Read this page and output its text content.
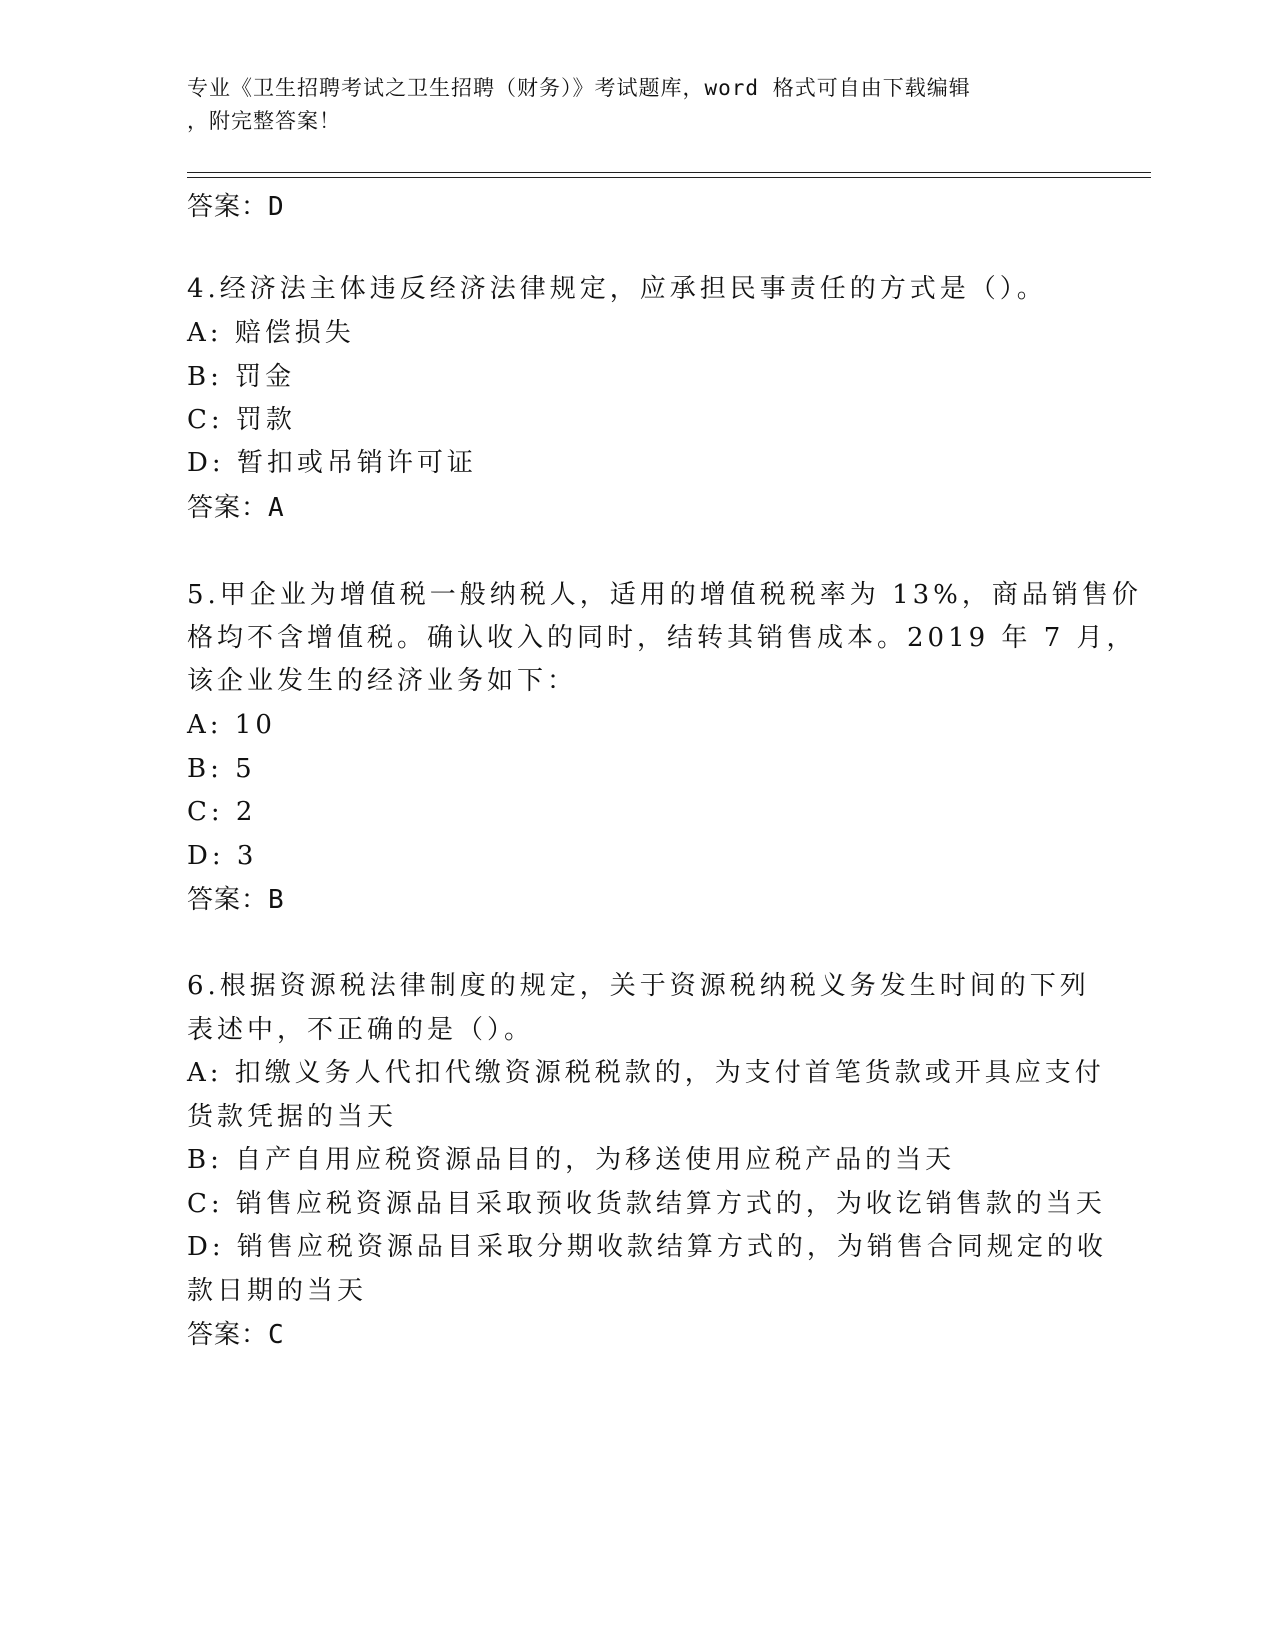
专业《卫生招聘考试之卫生招聘（财务）》考试题库，word 格式可自由下载编辑
，附完整答案！
答案：D
4.经济法主体违反经济法律规定，应承担民事责任的方式是（）。
A: 赔偿损失
B: 罚金
C: 罚款
D: 暂扣或吊销许可证
答案：A
5.甲企业为增值税一般纳税人，适用的增值税税率为 13%，商品销售价
格均不含增值税。确认收入的同时，结转其销售成本。2019 年 7 月，
该企业发生的经济业务如下：
A: 10
B: 5
C: 2
D: 3
答案：B
6.根据资源税法律制度的规定，关于资源税纳税义务发生时间的下列
表述中，不正确的是（）。
A: 扣缴义务人代扣代缴资源税税款的，为支付首笔货款或开具应支付
货款凭据的当天
B: 自产自用应税资源品目的，为移送使用应税产品的当天
C: 销售应税资源品目采取预收货款结算方式的，为收讫销售款的当天
D: 销售应税资源品目采取分期收款结算方式的，为销售合同规定的收
款日期的当天
答案：C
